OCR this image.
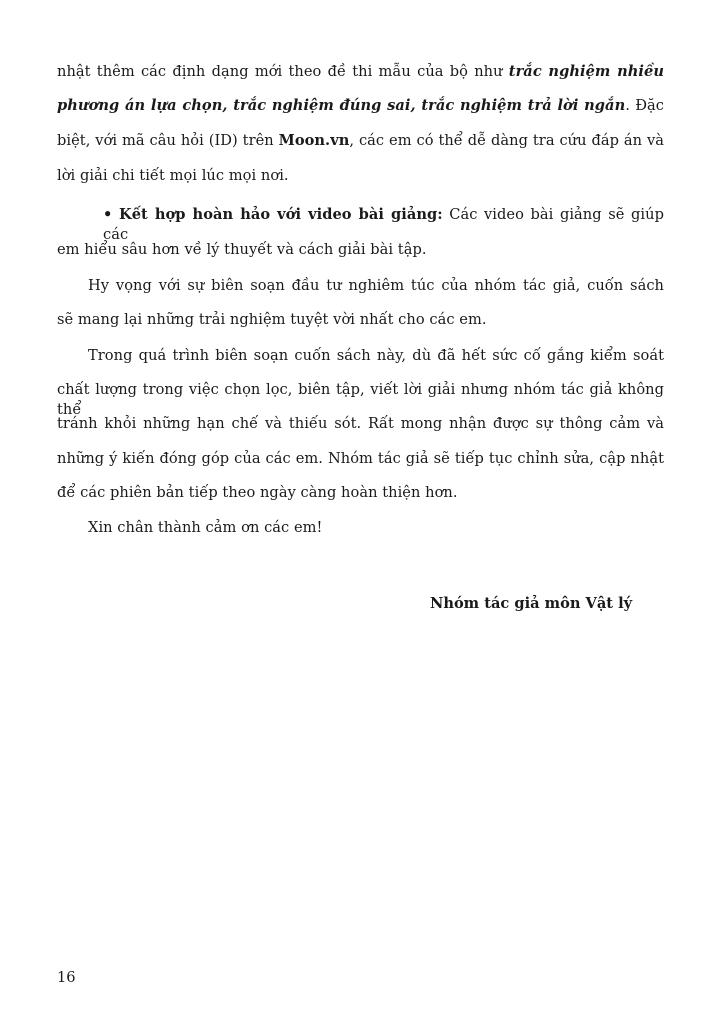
nhật thêm các định dạng mới theo đề thi mẫu của bộ như trắc nghiệm nhiều
phương án lựa chọn, trắc nghiệm đúng sai, trắc nghiệm trả lời ngắn. Đặc
biệt, với mã câu hỏi (ID) trên Moon.vn, các em có thể dễ dàng tra cứu đáp án và
lời giải chi tiết mọi lúc mọi nơi.
• Kết hợp hoàn hảo với video bài giảng: Các video bài giảng sẽ giúp các
em hiểu sâu hơn về lý thuyết và cách giải bài tập.
Hy vọng với sự biên soạn đầu tư nghiêm túc của nhóm tác giả, cuốn sách
sẽ mang lại những trải nghiệm tuyệt vời nhất cho các em.
Trong quá trình biên soạn cuốn sách này, dù đã hết sức cố gắng kiểm soát
chất lượng trong việc chọn lọc, biên tập, viết lời giải nhưng nhóm tác giả không thể
tránh khỏi những hạn chế và thiếu sót. Rất mong nhận được sự thông cảm và
những ý kiến đóng góp của các em. Nhóm tác giả sẽ tiếp tục chỉnh sửa, cập nhật
để các phiên bản tiếp theo ngày càng hoàn thiện hơn.
Xin chân thành cảm ơn các em!
Nhóm tác giả môn Vật lý
16
